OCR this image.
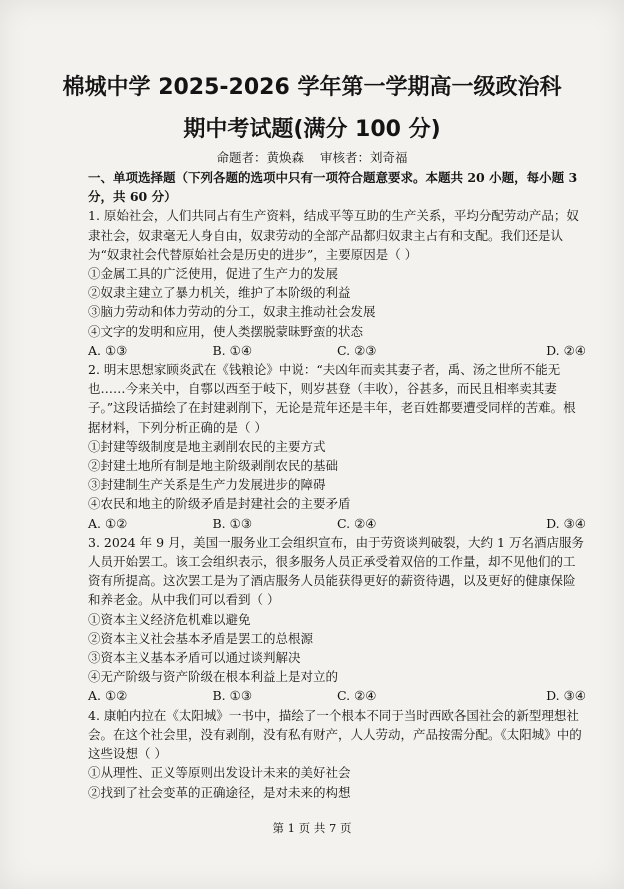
棉城中学 2025-2026 学年第一学期高一级政治科
期中考试题(满分 100 分)
命题者：黄焕森 审核者：刘奇福

一、单项选择题（下列各题的选项中只有一项符合题意要求。本题共 20 小题，每小题 3 分，共 60 分）

1. 原始社会，人们共同占有生产资料，结成平等互助的生产关系，平均分配劳动产品；奴隶社会，奴隶毫无人身自由，奴隶劳动的全部产品都归奴隶主占有和支配。我们还是认为“奴隶社会代替原始社会是历史的进步”，主要原因是（ ）

①金属工具的广泛使用，促进了生产力的发展

②奴隶主建立了暴力机关，维护了本阶级的利益

③脑力劳动和体力劳动的分工，奴隶主推动社会发展

④文字的发明和应用，使人类摆脱蒙昧野蛮的状态

A. ①③	B. ①④	C. ②③	D. ②④

2. 明末思想家顾炎武在《钱粮论》中说：“夫凶年而卖其妻子者，禹、汤之世所不能无也……今来关中，自鄠以西至于岐下，则岁甚登（丰收），谷甚多，而民且相率卖其妻子。”这段话描绘了在封建剥削下，无论是荒年还是丰年，老百姓都要遭受同样的苦难。根据材料，下列分析正确的是（ ）

①封建等级制度是地主剥削农民的主要方式

②封建土地所有制是地主阶级剥削农民的基础

③封建制生产关系是生产力发展进步的障碍

④农民和地主的阶级矛盾是封建社会的主要矛盾

A. ①②	B. ①③	C. ②④	D. ③④

3. 2024 年 9 月，美国一服务业工会组织宣布，由于劳资谈判破裂，大约 1 万名酒店服务人员开始罢工。该工会组织表示，很多服务人员正承受着双倍的工作量，却不见他们的工资有所提高。这次罢工是为了酒店服务人员能获得更好的薪资待遇，以及更好的健康保险和养老金。从中我们可以看到（ ）

①资本主义经济危机难以避免

②资本主义社会基本矛盾是罢工的总根源

③资本主义基本矛盾可以通过谈判解决

④无产阶级与资产阶级在根本利益上是对立的

A. ①②	B. ①③	C. ②④	D. ③④

4. 康帕内拉在《太阳城》一书中，描绘了一个根本不同于当时西欧各国社会的新型理想社会。在这个社会里，没有剥削，没有私有财产，人人劳动，产品按需分配。《太阳城》中的这些设想（ ）

①从理性、正义等原则出发设计未来的美好社会

②找到了社会变革的正确途径，是对未来的构想

第 1 页 共 7 页
